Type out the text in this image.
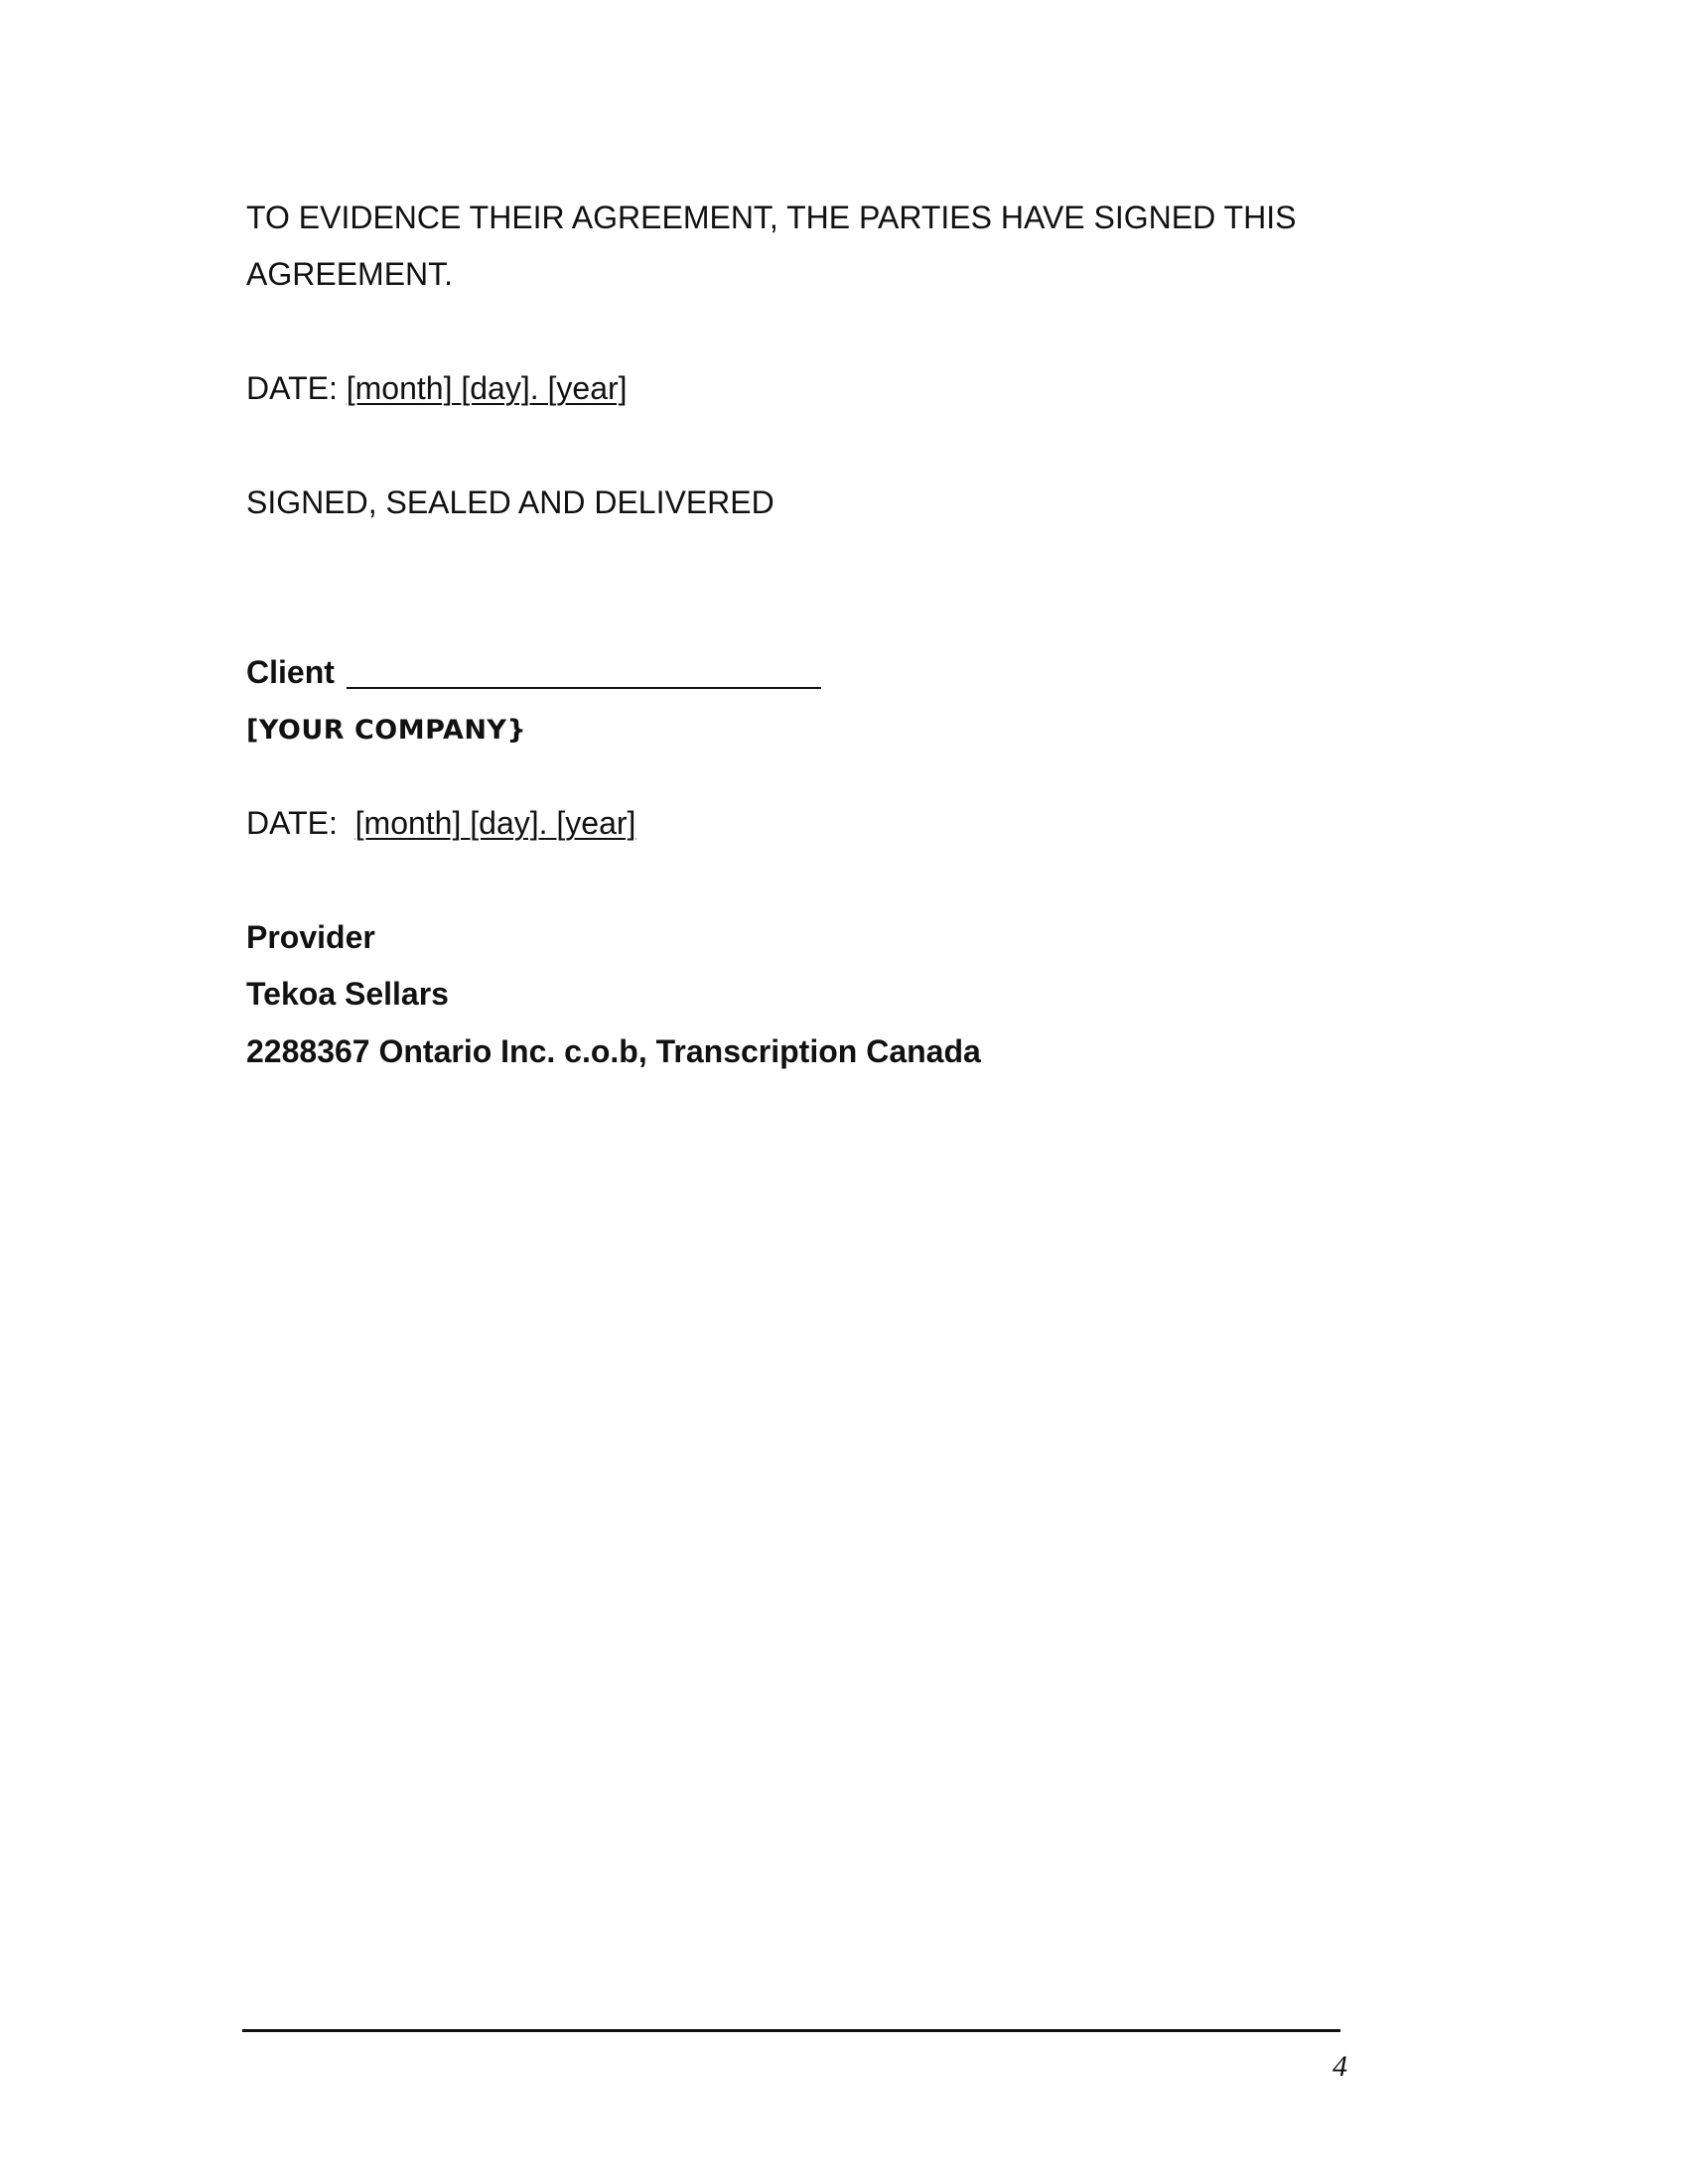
TO EVIDENCE THEIR AGREEMENT, THE PARTIES HAVE SIGNED THIS
AGREEMENT.
DATE: [month] [day]. [year]
SIGNED, SEALED AND DELIVERED
Client
[YOUR COMPANY}
DATE: [month] [day]. [year]
Provider
Tekoa Sellars
2288367 Ontario Inc. c.o.b, Transcription Canada
4
